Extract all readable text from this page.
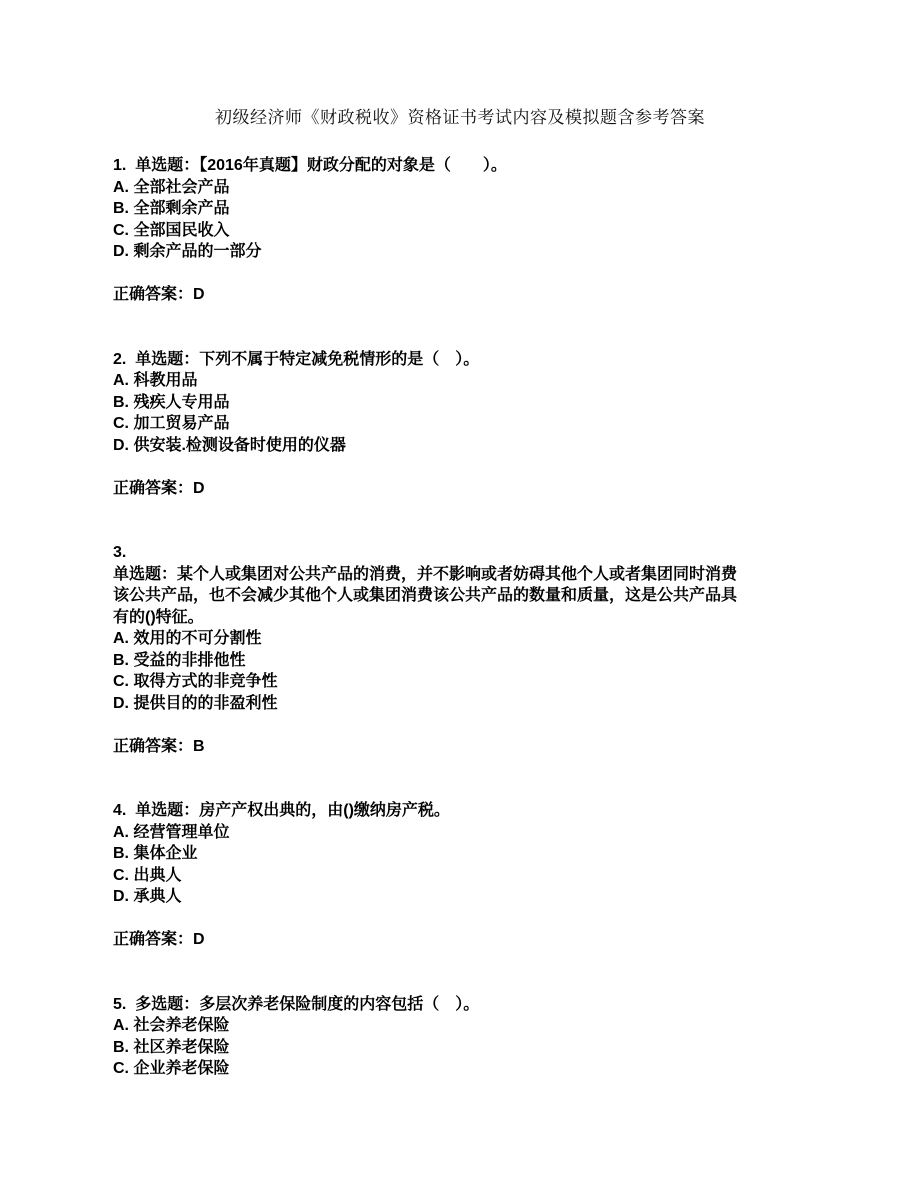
初级经济师《财政税收》资格证书考试内容及模拟题含参考答案
1.  单选题：【2016年真题】财政分配的对象是（　　）。
A. 全部社会产品
B. 全部剩余产品
C. 全部国民收入
D. 剩余产品的一部分
正确答案：D
2.  单选题：下列不属于特定减免税情形的是（　）。
A. 科教用品
B. 残疾人专用品
C. 加工贸易产品
D. 供安装.检测设备时使用的仪器
正确答案：D
3.
单选题：某个人或集团对公共产品的消费，并不影响或者妨碍其他个人或者集团同时消费
该公共产品，也不会减少其他个人或集团消费该公共产品的数量和质量，这是公共产品具
有的()特征。
A. 效用的不可分割性
B. 受益的非排他性
C. 取得方式的非竞争性
D. 提供目的的非盈利性
正确答案：B
4.  单选题：房产产权出典的，由()缴纳房产税。
A. 经营管理单位
B. 集体企业
C. 出典人
D. 承典人
正确答案：D
5.  多选题：多层次养老保险制度的内容包括（　）。
A. 社会养老保险
B. 社区养老保险
C. 企业养老保险
